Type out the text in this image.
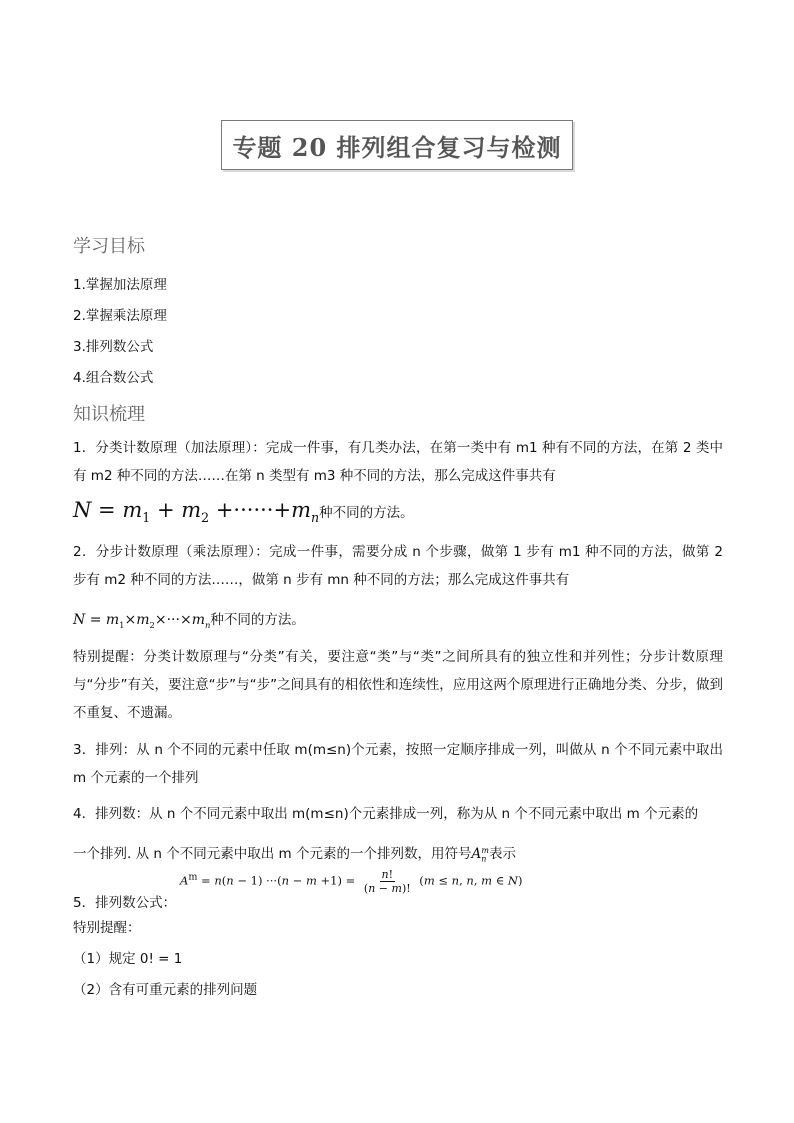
专题 20 排列组合复习与检测
学习目标
1.掌握加法原理
2.掌握乘法原理
3.排列数公式
4.组合数公式
知识梳理
1．分类计数原理（加法原理）：完成一件事，有几类办法，在第一类中有 m1 种有不同的方法，在第 2 类中有 m2 种不同的方法……在第 n 类型有 m3 种不同的方法，那么完成这件事共有
$N = m_1 + m_2 +\cdot\cdot\cdot\cdot\cdot\cdot+m_n$种不同的方法。
2．分步计数原理（乘法原理）：完成一件事，需要分成 n 个步骤，做第 1 步有 m1 种不同的方法，做第 2 步有 m2 种不同的方法……，做第 n 步有 mn 种不同的方法；那么完成这件事共有
$N = m_1\times m_2\times\cdot\cdot\cdot\times m_n$种不同的方法。
特别提醒：分类计数原理与“分类”有关，要注意“类”与“类”之间所具有的独立性和并列性；分步计数原理与“分步”有关，要注意“步”与“步”之间具有的相依性和连续性，应用这两个原理进行正确地分类、分步，做到不重复、不遗漏。
3．排列：从 n 个不同的元素中任取 m(m≤n)个元素，按照一定顺序排成一列，叫做从 n 个不同元素中取出 m 个元素的一个排列
4．排列数：从 n 个不同元素中取出 m(m≤n)个元素排成一列，称为从 n 个不同元素中取出 m 个元素的
一个排列. 从 n 个不同元素中取出 m 个元素的一个排列数，用符号$A_n^m$表示
5．排列数公式：
$A^m = n(n - 1) \cdot\cdot\cdot(n - m +1) = \frac{n!}{(n - m)!} (m \le n$, n, m ∈ N)
特别提醒：
（1）规定 0! = 1
（2）含有可重元素的排列问题
